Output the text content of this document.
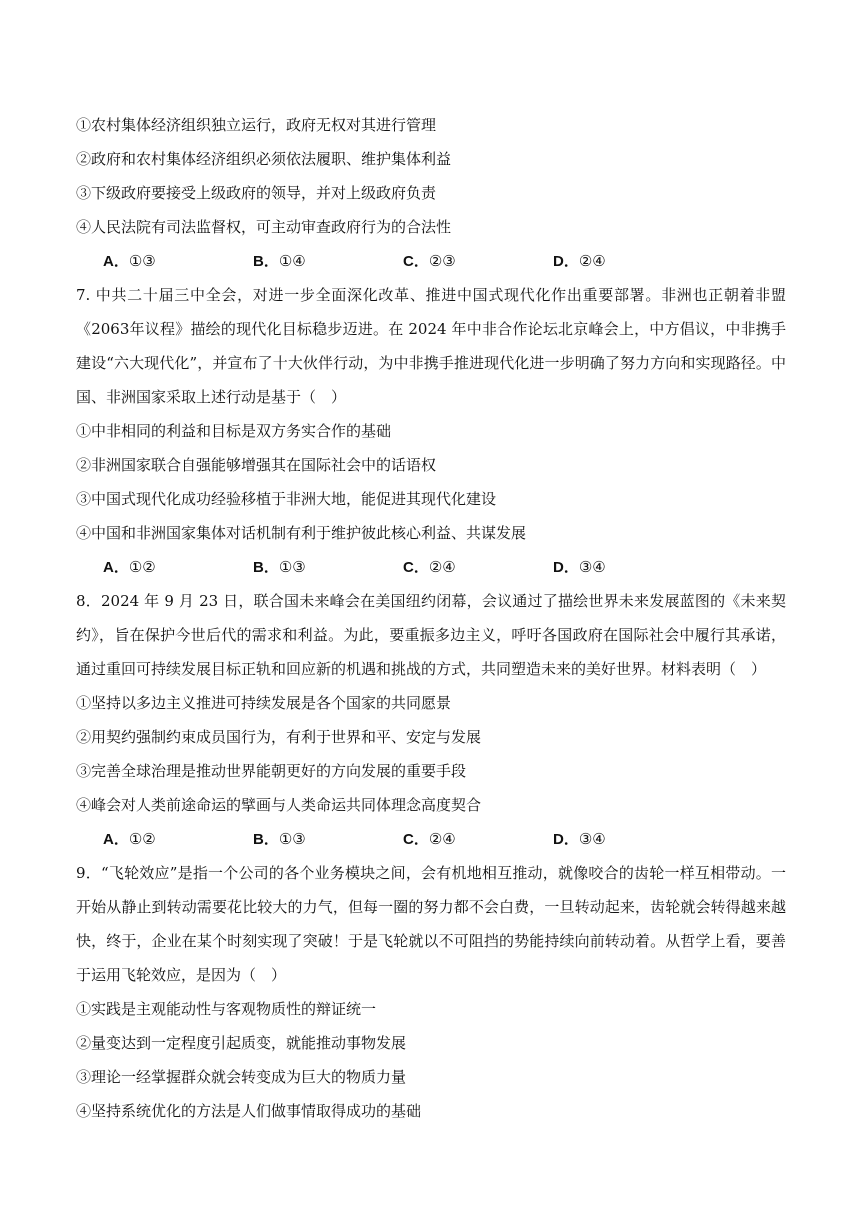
①农村集体经济组织独立运行，政府无权对其进行管理
②政府和农村集体经济组织必须依法履职、维护集体利益
③下级政府要接受上级政府的领导，并对上级政府负责
④人民法院有司法监督权，可主动审查政府行为的合法性
A．①③	B．①④	C．②③	D．②④
7. 中共二十届三中全会，对进一步全面深化改革、推进中国式现代化作出重要部署。非洲也正朝着非盟《2063年议程》描绘的现代化目标稳步迈进。在 2024 年中非合作论坛北京峰会上，中方倡议，中非携手建设“六大现代化”，并宣布了十大伙伴行动，为中非携手推进现代化进一步明确了努力方向和实现路径。中国、非洲国家采取上述行动是基于（　）
①中非相同的利益和目标是双方务实合作的基础
②非洲国家联合自强能够增强其在国际社会中的话语权
③中国式现代化成功经验移植于非洲大地，能促进其现代化建设
④中国和非洲国家集体对话机制有利于维护彼此核心利益、共谋发展
A．①②	B．①③	C．②④	D．③④
8．2024 年 9 月 23 日，联合国未来峰会在美国纽约闭幕，会议通过了描绘世界未来发展蓝图的《未来契约》，旨在保护今世后代的需求和利益。为此，要重振多边主义，呼吁各国政府在国际社会中履行其承诺，通过重回可持续发展目标正轨和回应新的机遇和挑战的方式，共同塑造未来的美好世界。材料表明（　）
①坚持以多边主义推进可持续发展是各个国家的共同愿景
②用契约强制约束成员国行为，有利于世界和平、安定与发展
③完善全球治理是推动世界能朝更好的方向发展的重要手段
④峰会对人类前途命运的擘画与人类命运共同体理念高度契合
A．①②	B．①③	C．②④	D．③④
9．“飞轮效应”是指一个公司的各个业务模块之间，会有机地相互推动，就像咬合的齿轮一样互相带动。一开始从静止到转动需要花比较大的力气，但每一圈的努力都不会白费，一旦转动起来，齿轮就会转得越来越快，终于，企业在某个时刻实现了突破！于是飞轮就以不可阻挡的势能持续向前转动着。从哲学上看，要善于运用飞轮效应，是因为（　）
①实践是主观能动性与客观物质性的辩证统一
②量变达到一定程度引起质变，就能推动事物发展
③理论一经掌握群众就会转变成为巨大的物质力量
④坚持系统优化的方法是人们做事情取得成功的基础
